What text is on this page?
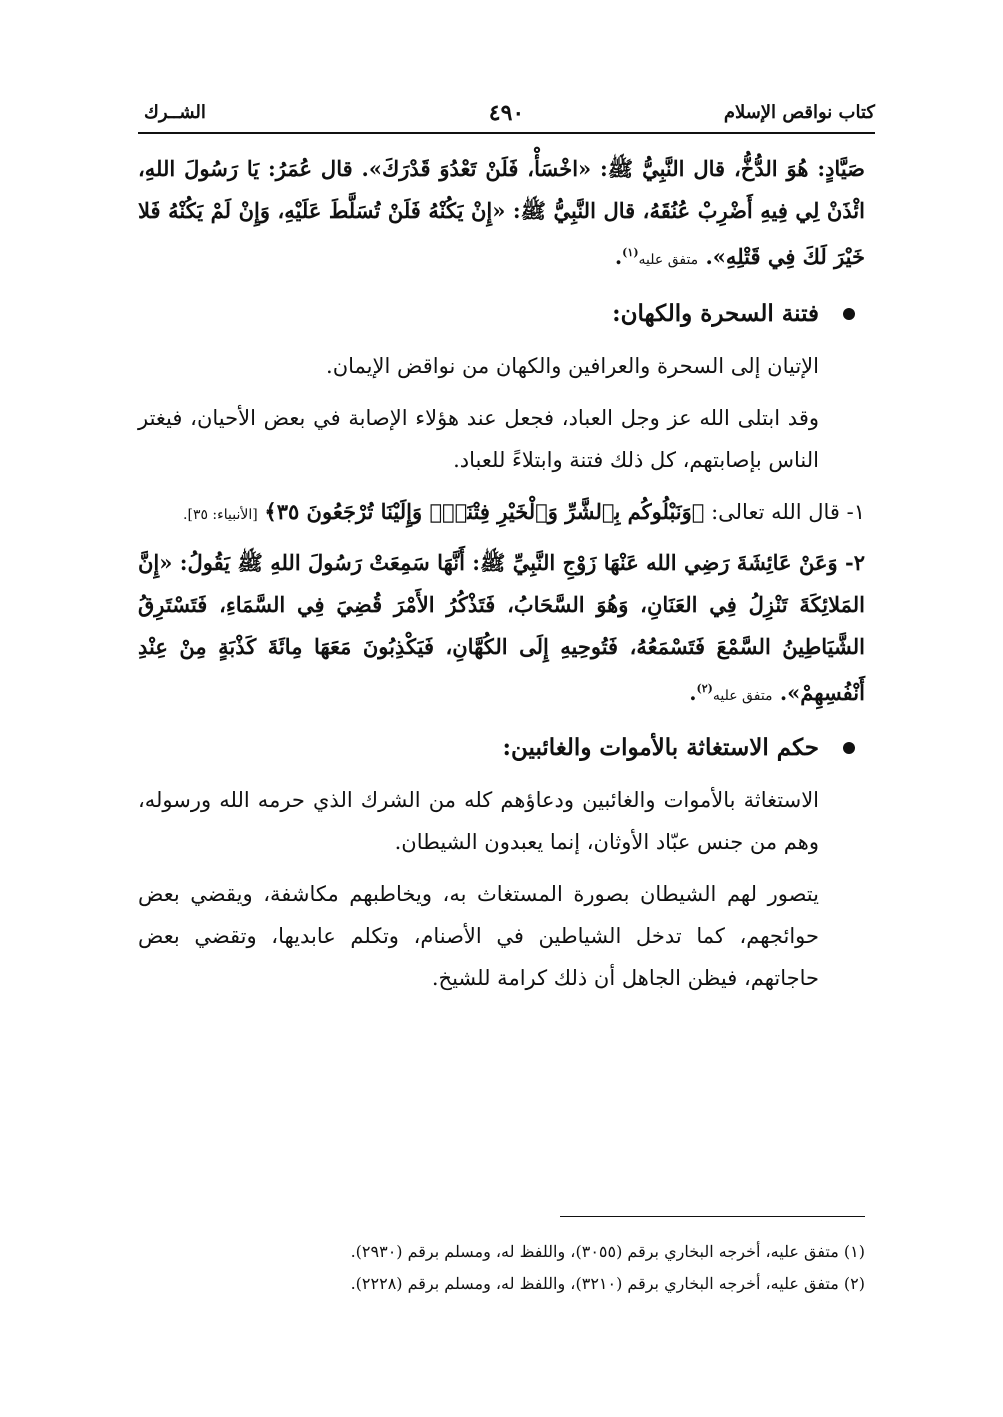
كتاب نواقص الإسلام
٤٩٠
الشــرك

صَيَّادٍ: هُوَ الدُّخُّ، قال النَّبِيُّ ﷺ: «اخْسَأْ، فَلَنْ تَعْدُوَ قَدْرَكَ». قال عُمَرُ: يَا رَسُولَ اللهِ، ائْذَنْ لِي فِيهِ أَضْرِبْ عُنُقَهُ، قال النَّبِيُّ ﷺ: «إِنْ يَكُنْهُ فَلَنْ تُسَلَّطَ عَلَيْهِ، وَإِنْ لَمْ يَكُنْهُ فَلا خَيْرَ لَكَ فِي قَتْلِهِ». متفق عليه$^{(١)}$.

فتنة السحرة والكهان:

الإتيان إلى السحرة والعرافين والكهان من نواقض الإيمان.

وقد ابتلى الله عز وجل العباد، فجعل عند هؤلاء الإصابة في بعض الأحيان، فيغتر الناس بإصابتهم، كل ذلك فتنة وابتلاءً للعباد.

١- قال الله تعالى: ﴿وَنَبْلُوكُم بِٱلشَّرِّ وَٱلْخَيْرِ فِتْنَةًۖ وَإِلَيْنَا تُرْجَعُونَ ٣٥﴾ [الأنبياء: ٣٥].

٢- وَعَنْ عَائِشَةَ رَضِي الله عَنْهَا زَوْجِ النَّبِيِّ ﷺ: أَنَّهَا سَمِعَتْ رَسُولَ اللهِ ﷺ يَقُولُ: «إِنَّ المَلائِكَةَ تَنْزِلُ فِي العَنَانِ، وَهُوَ السَّحَابُ، فَتَذْكُرُ الأَمْرَ قُضِيَ فِي السَّمَاءِ، فَتَسْتَرِقُ الشَّيَاطِينُ السَّمْعَ فَتَسْمَعُهُ، فَتُوحِيهِ إِلَى الكُهَّانِ، فَيَكْذِبُونَ مَعَهَا مِائَةَ كَذْبَةٍ مِنْ عِنْدِ أَنْفُسِهِمْ». متفق عليه$^{(٢)}$.

حكم الاستغاثة بالأموات والغائبين:

الاستغاثة بالأموات والغائبين ودعاؤهم كله من الشرك الذي حرمه الله ورسوله، وهم من جنس عبّاد الأوثان، إنما يعبدون الشيطان.

يتصور لهم الشيطان بصورة المستغاث به، ويخاطبهم مكاشفة، ويقضي بعض حوائجهم، كما تدخل الشياطين في الأصنام، وتكلم عابديها، وتقضي بعض حاجاتهم، فيظن الجاهل أن ذلك كرامة للشيخ.

(١) متفق عليه، أخرجه البخاري برقم (٣٠٥٥)، واللفظ له، ومسلم برقم (٢٩٣٠).

(٢) متفق عليه، أخرجه البخاري برقم (٣٢١٠)، واللفظ له، ومسلم برقم (٢٢٢٨).
